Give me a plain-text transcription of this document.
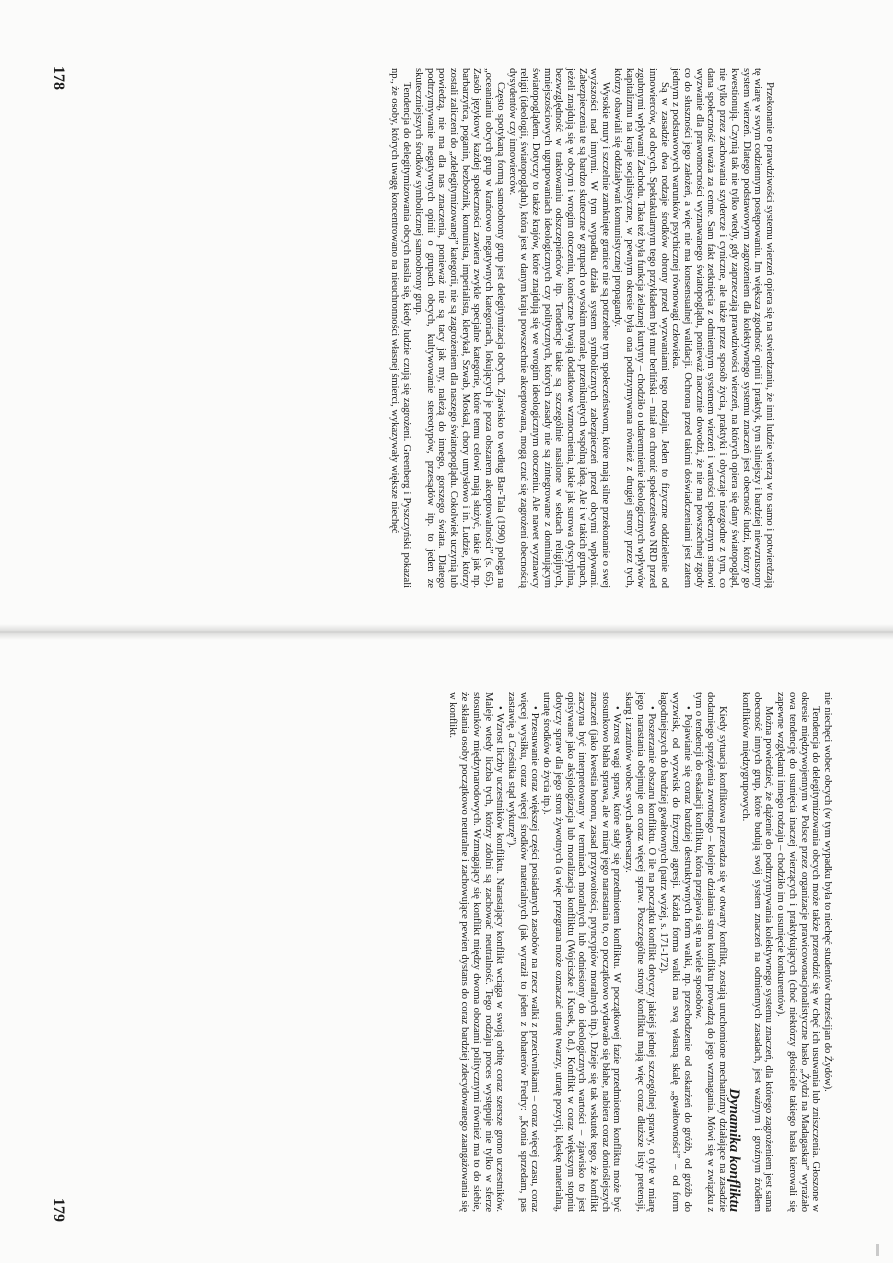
Przekonanie o prawdziwości systemu wierzeń opiera się na stwierdzaniu, że inni ludzie wierzą w to samo i potwierdzają tę wiarę w swym codziennym postępowaniu. Im większa zgodność opinii i praktyk, tym silniejszy i bardziej niewzruszony system wierzeń. Dlatego podstawowym zagrożeniem dla kolektywnego systemu znaczeń jest obecność ludzi, którzy go kwestionują. Czynią tak nie tylko wtedy, gdy zaprzeczają prawdziwości wierzeń, na których opiera się dany światopogląd, nie tylko przez zachowania szydercze i cyniczne, ale także przez sposób życia, praktyki i obyczaje niezgodne z tym, co dana społeczność uważa za cenne. Sam fakt zetknięcia z odmiennym systemem wierzeń i wartości społecznym stanowi wyzwanie dla prawomocności wyznawanego światopoglądu, ponieważ naocznie dowodzi, że nie ma powszechnej zgody co do słuszności jego założeń, a więc nie ma konsensualnej walidacji. Ochrona przed takimi doświadczeniami jest zatem jednym z podstawowych warunków psychicznej równowagi człowieka.

Są w zasadzie dwa rodzaje środków obrony przed wyzwaniami tego rodzaju. Jeden to fizyczne oddzielenie od innowierców, od obcych. Spektakularnym tego przykładem był mur berliński – miał on chronić społeczeństwo NRD przed zgubnymi wpływami Zachodu. Taka też była funkcja żelaznej kurtyny – chodziło o udaremnienie ideologicznych wpływów kapitalizmu na kraje socjalistyczne, w pewnym okresie była ona podtrzymywana również z drugiej strony przez tych, którzy obawiali się oddziaływań komunistycznej propagandy.

Wysokie mury i szczelnie zamknięte granice nie są potrzebne tym społeczeństwom, które mają silne przekonanie o swej wyższości nad innymi. W tym wypadku działa system symbolicznych zabezpieczeń przed obcymi wpływami. Zabezpieczenia te są bardzo skuteczne w grupach o wysokim morale, przenikniętych wspólną ideą. Ale i w takich grupach, jeżeli znajdują się w obcym i wrogim otoczeniu, konieczne bywają dodatkowe wzmocnienia, takie jak surowa dyscyplina, bezwzględność w traktowaniu odszczepieńców itp. Tendencje takie są szczególnie nasilone w sektach religijnych, mniejszościowych ugrupowaniach ideologicznych czy politycznych, których zasady nie są zintegrowane z dominującym światopoglądem. Dotyczy to także krajów, które znajdują się we wrogim ideologicznym otoczeniu. Ale nawet wyznawcy religii (ideologii, światopoglądu), która jest w danym kraju powszechnie akceptowana, mogą czuć się zagrożeni obecnością dysydentów czy innowierców.

Często spotykaną formą samoobrony grup jest delegitymizacja obcych. Zjawisko to według Bar-Tala (1990) polega na „oceanianiu obcych grup w krańcowo negatywnych kategoriach, lokujących je poza obszarem akceptowalności” (s. 65). Zasób językowy każdej społeczności zawiera zwykle specjalne kategorie, które temu celowi mają służyć, takie jak np. barbarzyńca, poganin, bezbożnik, komunista, imperialista, klerykał, Szwab, Moskal, chory umysłowo i in. Ludzie, którzy zostali zaliczeni do „zdelegitymizowanej” kategorii, nie są zagrożeniem dla naszego światopoglądu. Cokolwiek uczynią lub powiedzą, nie ma dla nas znaczenia, ponieważ nie są tacy jak my, należą do innego, gorszego świata. Dlatego podtrzymywanie negatywnych opinii o grupach obcych, kultywowanie stereotypów, przesądów itp. to jeden ze skuteczniejszych środków symbolicznej samoobrony grup.

Tendencja do delegitymizowania obcych nasila się, kiedy ludzie czują się zagrożeni. Greenberg i Pyszczyński pokazali np., że osoby, których uwagę koncentrowano na nieuchronności własnej śmierci, wykazywały większe niechęć

178

nie niechęci wobec obcych (w tym wypadku była to niechęć studentów chrześcijan do Żydów).

Tendencja do delegitymizowania obcych może także przerodzić się w chęć ich usuwania lub zniszczenia. Głoszone w okresie międzywojennym w Polsce przez organizacje prawicowonacjonalistyczne hasło „Żydzi na Madagaskar” wyrażało owa tendencję do usunięcia inaczej wierzących i praktykujących (choć niektórzy głosiciele takiego hasła kierowali się zapewne względami innego rodzaju – chodziło im o usunięcie konkurentów).

Można powiedzieć, że dążenie do podtrzymywania kolektywnego systemu znaczeń, dla którego zagrożeniem jest sama obecność innych grup, które budują swój system znaczeń na odmiennych zasadach, jest ważnym i groźnym źródłem konfliktów międzygrupowych.

Dynamika konfliktu

Kiedy sytuacja konfliktowa przeradza się w otwarty konflikt, zostają uruchomione mechanizmy działające na zasadzie dodatniego sprzężenia zwrotnego – kolejne działania stron konfliktu prowadzą do jego wzmagania. Mówi się w związku z tym o tendencji do eskalacji konfliktu, która przejawia się na wiele sposobów.

• Pojawianie się coraz bardziej destruktywnych form walki, np. przechodzenie od oskarżeń do gróźb, od gróźb do wyzwisk, od wyzwisk do fizycznej agresji. Każda forma walki ma swą własną skalę „gwałtowności” – od form łagodniejszych do bardziej gwałtownych (patrz wyżej, s. 171-172).

• Poszerzanie obszaru konfliktu. O ile na początku konflikt dotyczy jakiejś jednej szczególnej sprawy, o tyle w miarę jego narastania obejmuje on coraz więcej spraw. Poszczególne strony konfliktu mają więc coraz dłuższe listy pretensji, skarg i zarzutów wobec swych adwersarzy.

• Wzrost wagi spraw, które stały się przedmiotem konfliktu. W początkowej fazie przedmiotem konfliktu może być stosunkowo błaha sprawa, ale w miarę jego narastania to, co początkowo wydawało się błahe, nabiera coraz donioślejszych znaczeń (jako kwestia honoru, zasad przyzwoitości, pryncypiów moralnych itp.). Dzieje się tak wskutek tego, że konflikt zaczyna być interpretowany w terminach moralnych lub odniesiony do ideologicznych wartości – zjawisko to jest opisywane jako aksjologizacja lub moralizacja konfliktu (Wojciszke i Kusek, b.d.). Konflikt w coraz większym stopniu dotyczy spraw dla jego stron żywotnych (a więc przegrana może oznaczać utratę twarzy, utratę pozycji, klęskę materialną, utratę środków do życia itp.).

• Przesuwanie coraz większej części posiadanych zasobów na rzecz walki z przeciwnikami – coraz więcej czasu, coraz więcej wysiłku, coraz więcej środków materialnych (jak wyraził to jeden z bohaterów Fredry: „Konia sprzedam, pas zastawię, a Cześnika stąd wykurzę”).

• Wzrost liczby uczestników konfliktu. Narastający konflikt wciąga w swoją orbitę coraz szersze grono uczestników. Maleje wtedy liczba tych, którzy zdolni są zachować neutralność. Tego rodzaju proces występuje nie tylko w sferze stosunków międzynarodowych. Wzmagający się konflikt między dwoma obozami politycznymi również ma to do siebie, że skłania osoby początkowo neutralne i zachowujące pewien dystans do coraz bardziej zdecydowanego zaangażowania się w konflikt.

179
